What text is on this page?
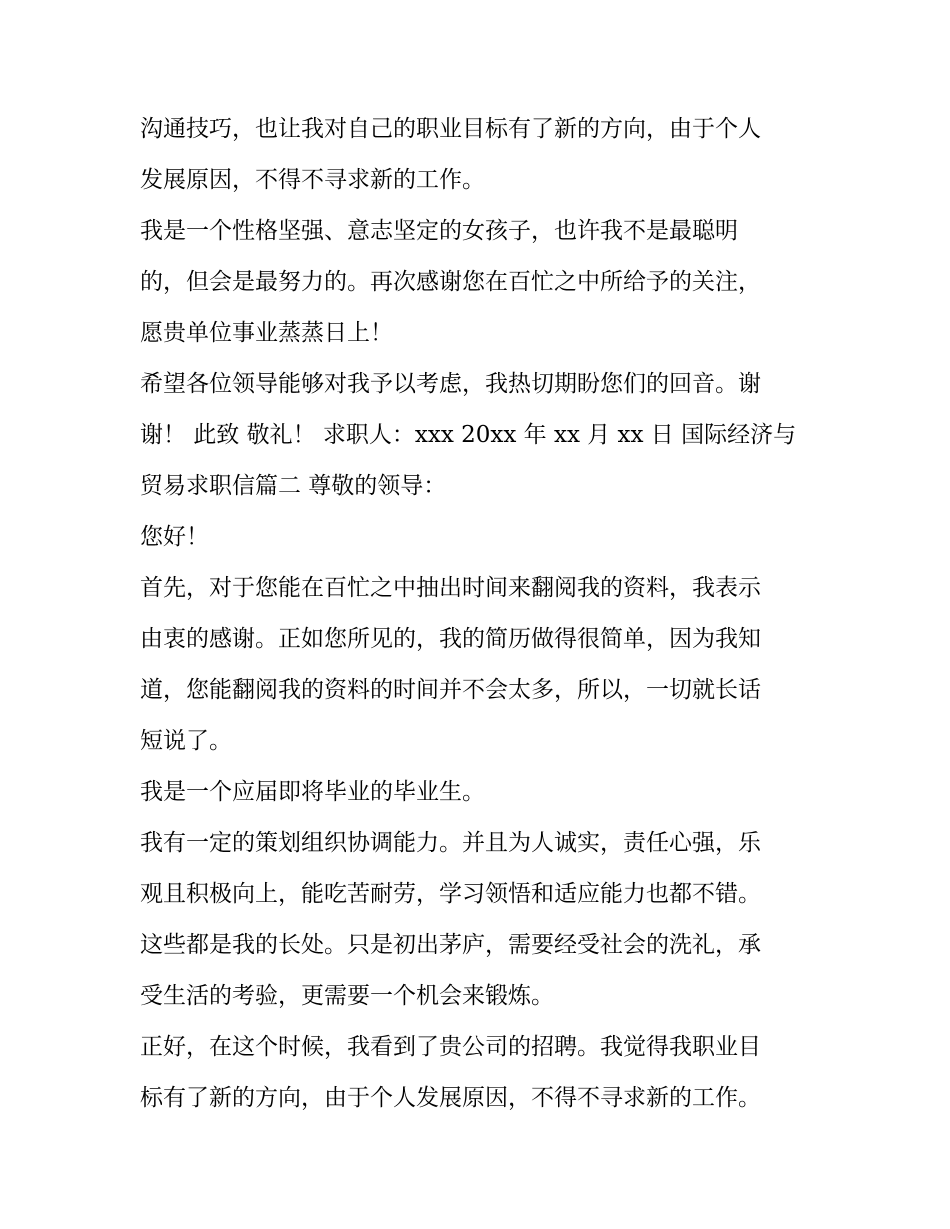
沟通技巧，也让我对自己的职业目标有了新的方向，由于个人
发展原因，不得不寻求新的工作。
我是一个性格坚强、意志坚定的女孩子，也许我不是最聪明
的，但会是最努力的。再次感谢您在百忙之中所给予的关注，
愿贵单位事业蒸蒸日上！
希望各位领导能够对我予以考虑，我热切期盼您们的回音。谢
谢！ 此致 敬礼！ 求职人：xxx 20xx 年 xx 月 xx 日 国际经济与
贸易求职信篇二 尊敬的领导：
您好！
首先，对于您能在百忙之中抽出时间来翻阅我的资料，我表示
由衷的感谢。正如您所见的，我的简历做得很简单，因为我知
道，您能翻阅我的资料的时间并不会太多，所以，一切就长话
短说了。
我是一个应届即将毕业的毕业生。
我有一定的策划组织协调能力。并且为人诚实，责任心强，乐
观且积极向上，能吃苦耐劳，学习领悟和适应能力也都不错。
这些都是我的长处。只是初出茅庐，需要经受社会的洗礼，承
受生活的考验，更需要一个机会来锻炼。
正好，在这个时候，我看到了贵公司的招聘。我觉得我职业目
标有了新的方向，由于个人发展原因，不得不寻求新的工作。
